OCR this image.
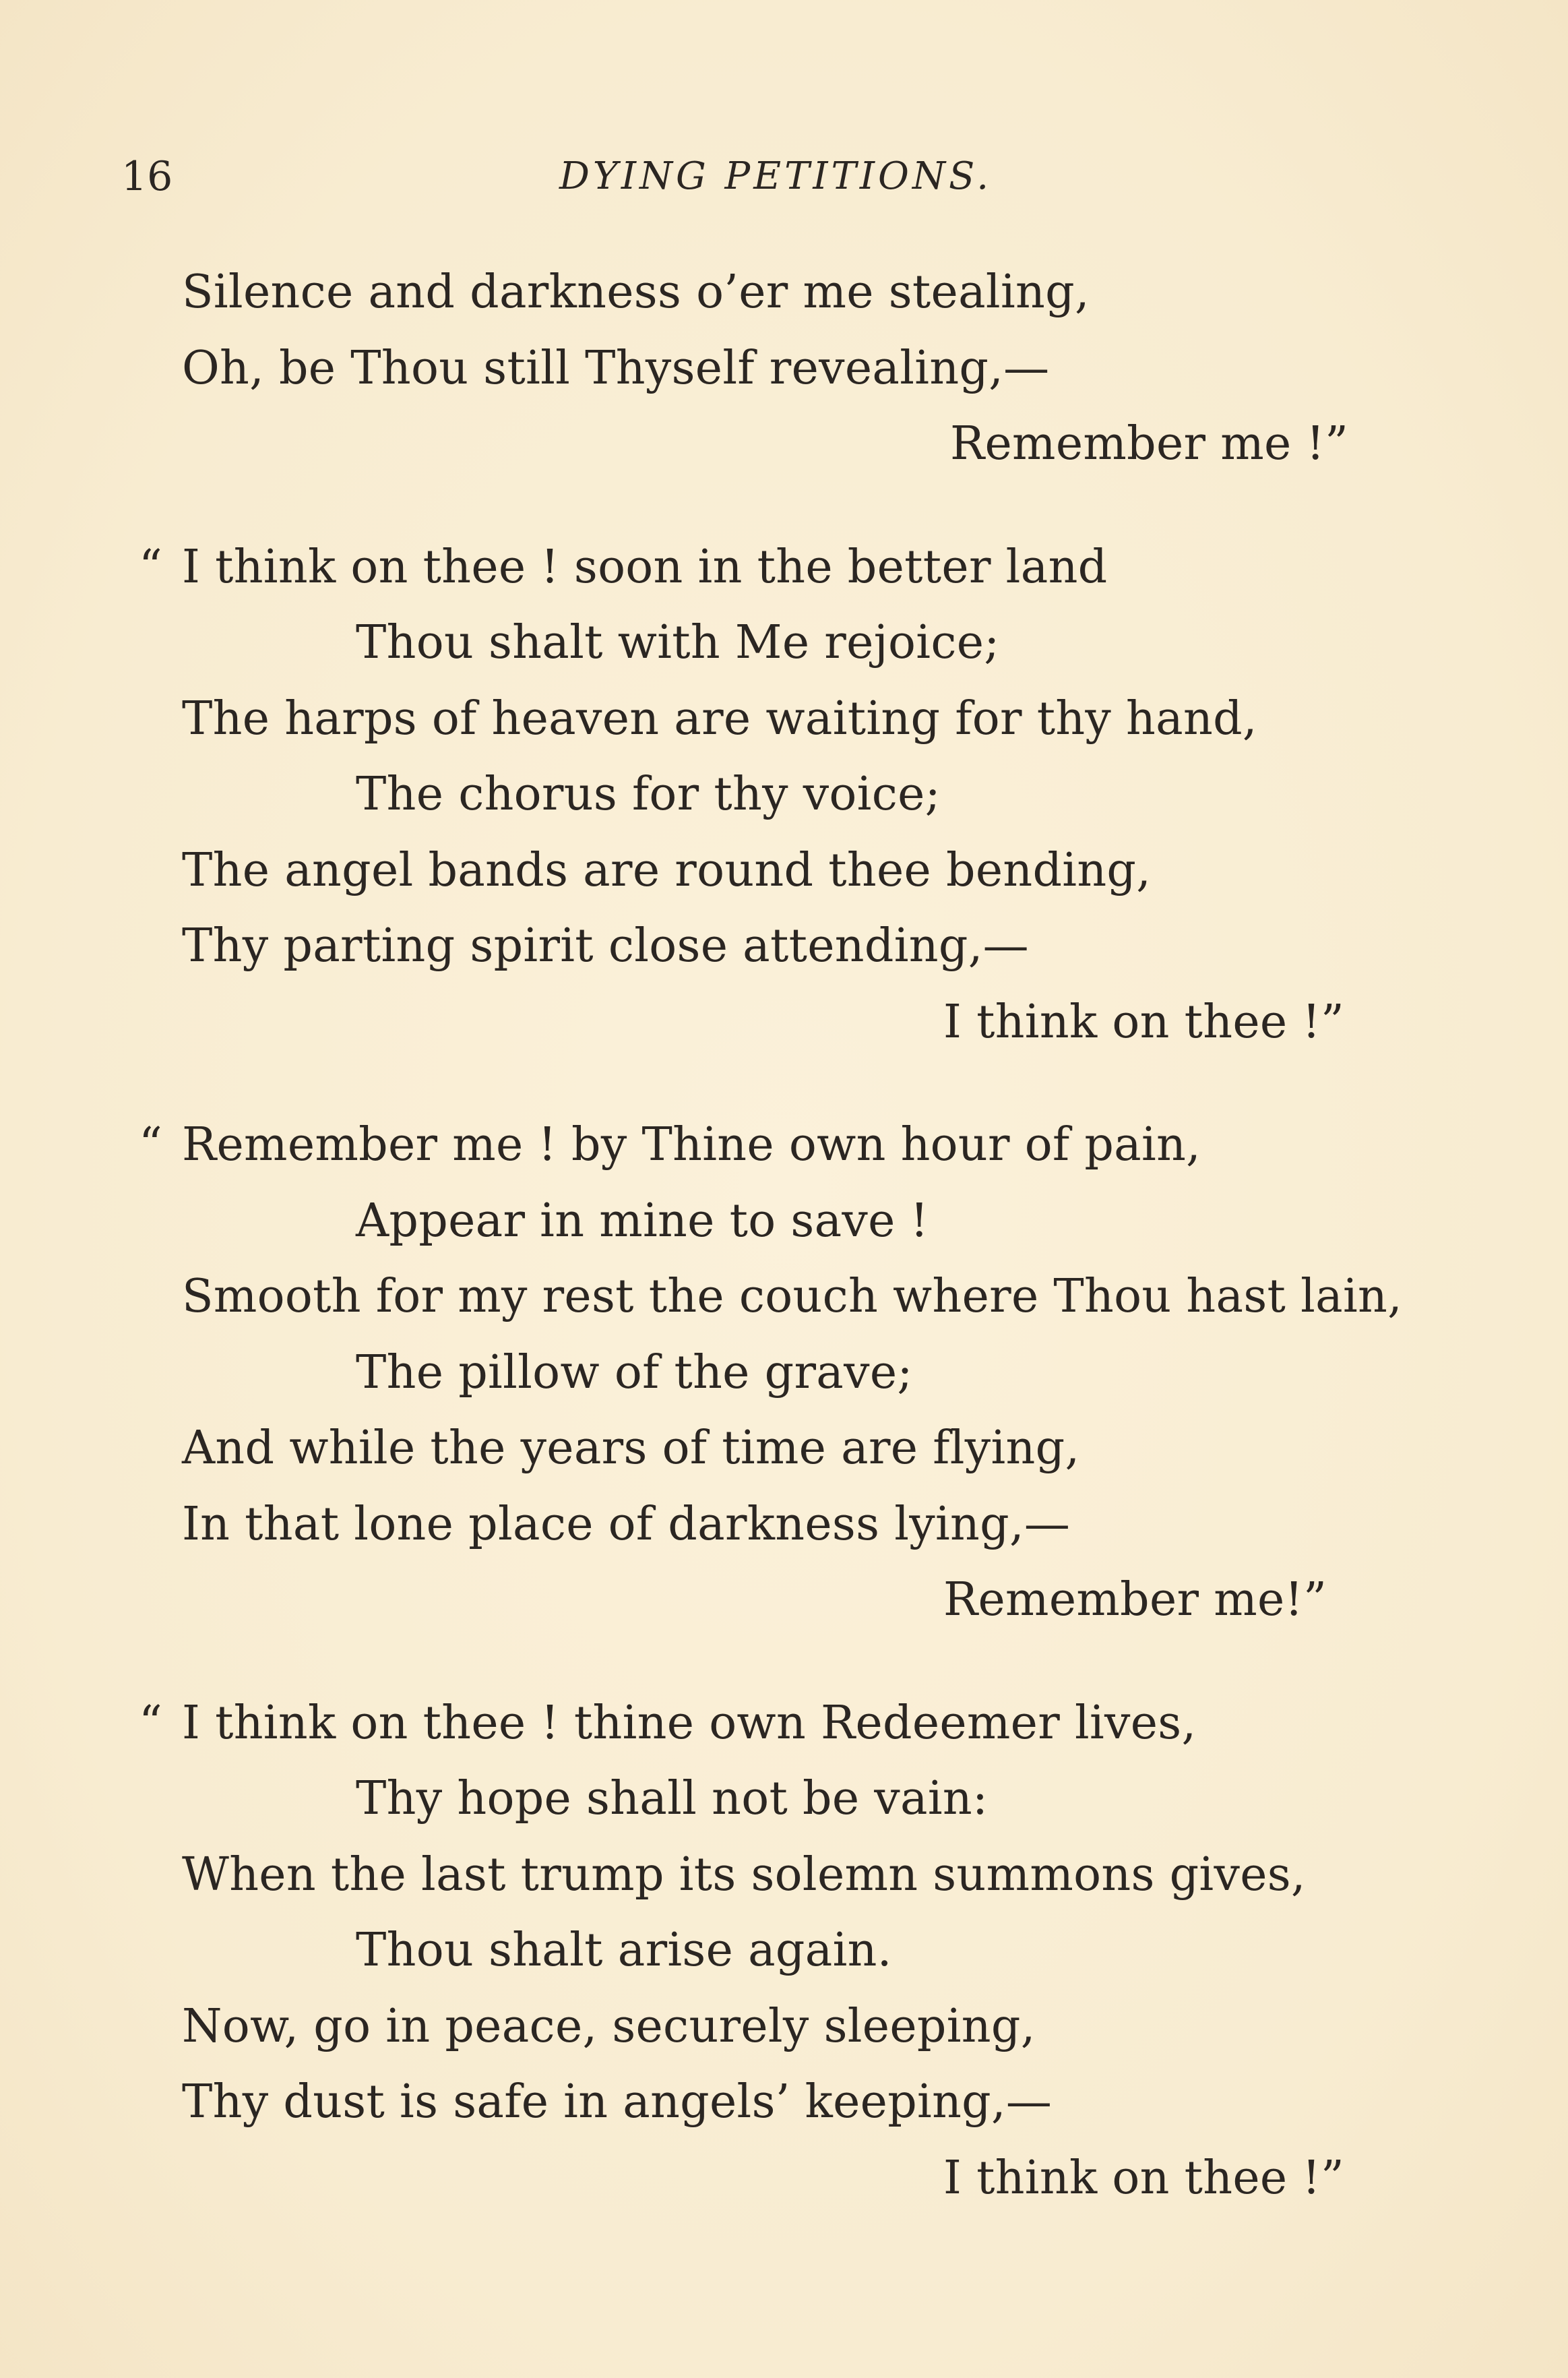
16	DYING PETITIONS.
Silence and darkness o’er me stealing,
Oh, be Thou still Thyself revealing,—
Remember me !”
“ I think on thee ! soon in the better land
Thou shalt with Me rejoice;
The harps of heaven are waiting for thy hand,
The chorus for thy voice;
The angel bands are round thee bending,
Thy parting spirit close attending,—
I think on thee !”
“ Remember me ! by Thine own hour of pain,
Appear in mine to save !
Smooth for my rest the couch where Thou hast lain,
The pillow of the grave;
And while the years of time are flying,
In that lone place of darkness lying,—
Remember me!”
“ I think on thee ! thine own Redeemer lives,
Thy hope shall not be vain:
When the last trump its solemn summons gives,
Thou shalt arise again.
Now, go in peace, securely sleeping,
Thy dust is safe in angels’ keeping,—
I think on thee !”
